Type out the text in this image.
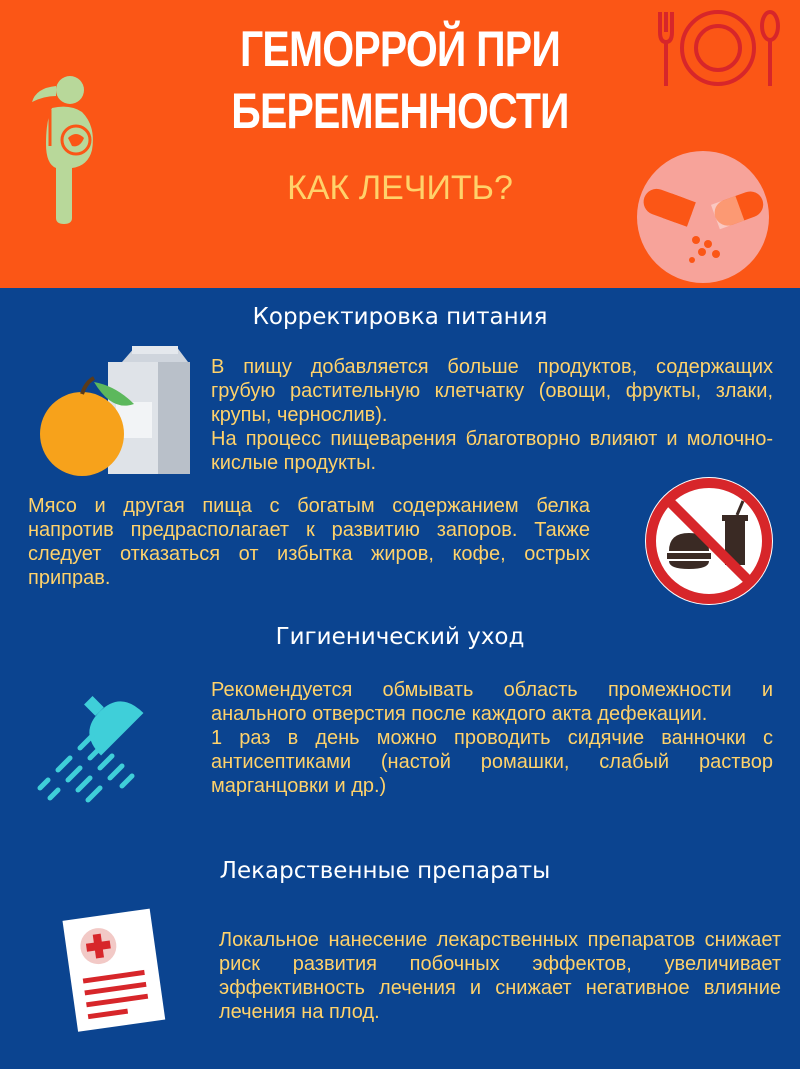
ГЕМОРРОЙ ПРИ
БЕРЕМЕННОСТИ
КАК ЛЕЧИТЬ?
Корректировка питания
В пищу добавляется больше продуктов, содержащих грубую растительную клетчатку (овощи, фрукты, злаки, крупы, чернослив).
На процесс пищеварения благотворно влияют и молочно-кислые продукты.
Мясо и другая пища с богатым содержанием белка напротив предрасполагает к развитию запоров. Также следует отказаться от избытка жиров, кофе, острых приправ.
Гигиенический уход
Рекомендуется обмывать область промежности и анального отверстия после каждого акта дефекации.
1 раз в день можно проводить сидячие ванночки с антисептиками (настой ромашки, слабый раствор марганцовки и др.)
Лекарственные препараты
Локальное нанесение лекарственных препаратов снижает риск развития побочных эффектов, увеличивает эффективность лечения и снижает негативное влияние лечения на плод.
